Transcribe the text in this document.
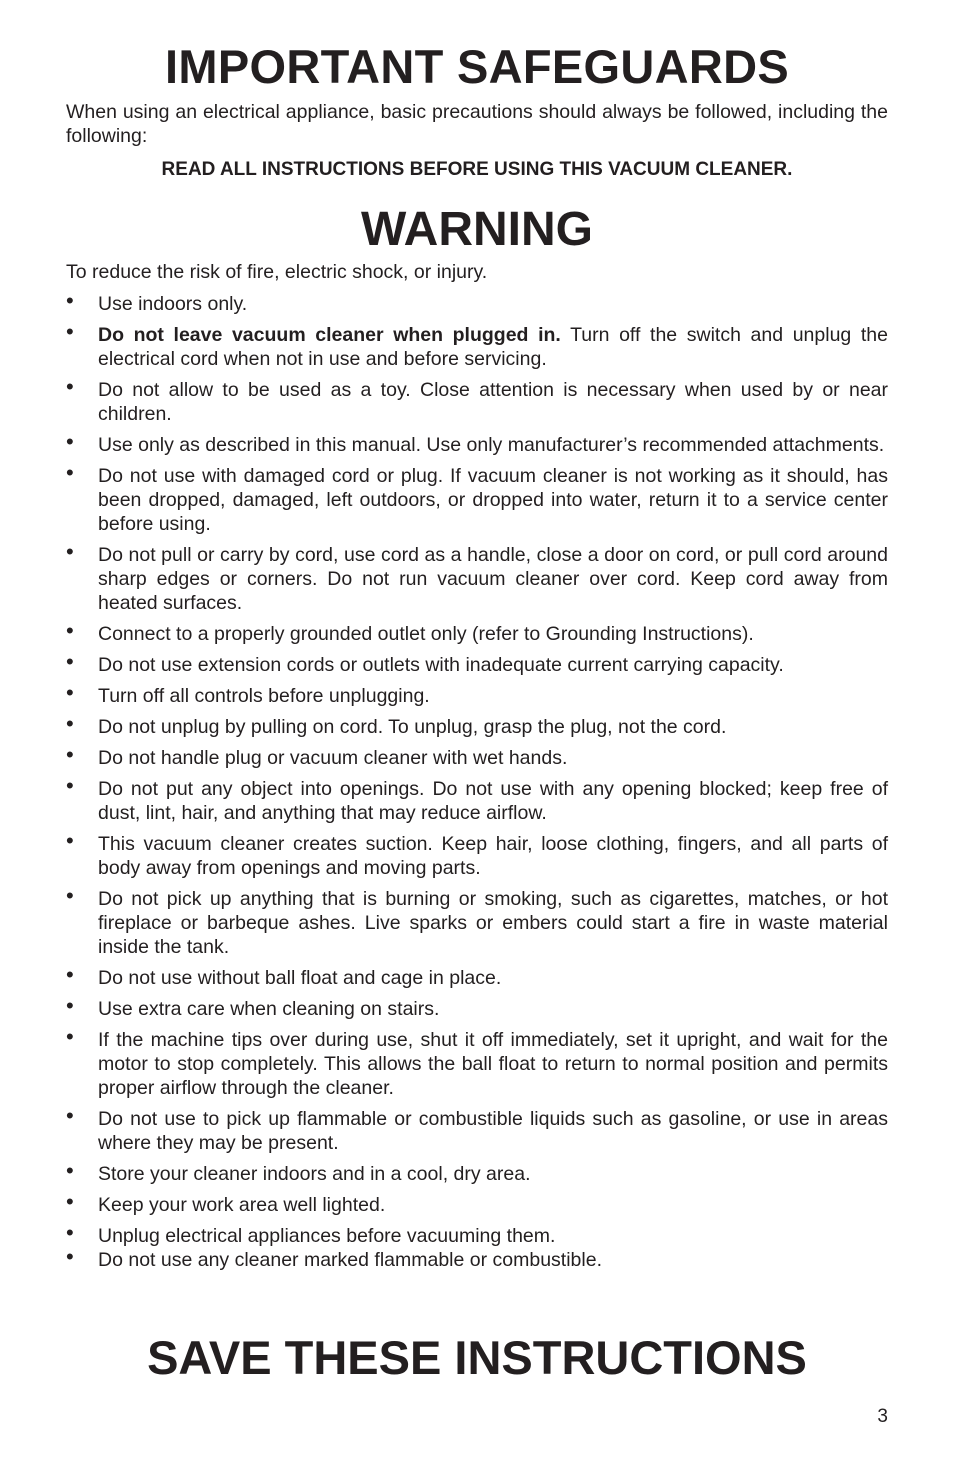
IMPORTANT SAFEGUARDS

When using an electrical appliance, basic precautions should always be followed, including the following:

READ ALL INSTRUCTIONS BEFORE USING THIS VACUUM CLEANER.

WARNING

To reduce the risk of fire, electric shock, or injury.

• Use indoors only.
• Do not leave vacuum cleaner when plugged in. Turn off the switch and unplug the electrical cord when not in use and before servicing.
• Do not allow to be used as a toy. Close attention is necessary when used by or near children.
• Use only as described in this manual. Use only manufacturer’s recommended attachments.
• Do not use with damaged cord or plug. If vacuum cleaner is not working as it should, has been dropped, damaged, left outdoors, or dropped into water, return it to a service center before using.
• Do not pull or carry by cord, use cord as a handle, close a door on cord, or pull cord around sharp edges or corners. Do not run vacuum cleaner over cord. Keep cord away from heated surfaces.
• Connect to a properly grounded outlet only (refer to Grounding Instructions).
• Do not use extension cords or outlets with inadequate current carrying capacity.
• Turn off all controls before unplugging.
• Do not unplug by pulling on cord. To unplug, grasp the plug, not the cord.
• Do not handle plug or vacuum cleaner with wet hands.
• Do not put any object into openings. Do not use with any opening blocked; keep free of dust, lint, hair, and anything that may reduce airflow.
• This vacuum cleaner creates suction. Keep hair, loose clothing, fingers, and all parts of body away from openings and moving parts.
• Do not pick up anything that is burning or smoking, such as cigarettes, matches, or hot fireplace or barbeque ashes. Live sparks or embers could start a fire in waste material inside the tank.
• Do not use without ball float and cage in place.
• Use extra care when cleaning on stairs.
• If the machine tips over during use, shut it off immediately, set it upright, and wait for the motor to stop completely. This allows the ball float to return to normal position and permits proper airflow through the cleaner.
• Do not use to pick up flammable or combustible liquids such as gasoline, or use in areas where they may be present.
• Store your cleaner indoors and in a cool, dry area.
• Keep your work area well lighted.
• Unplug electrical appliances before vacuuming them.
• Do not use any cleaner marked flammable or combustible.
SAVE THESE INSTRUCTIONS
3
